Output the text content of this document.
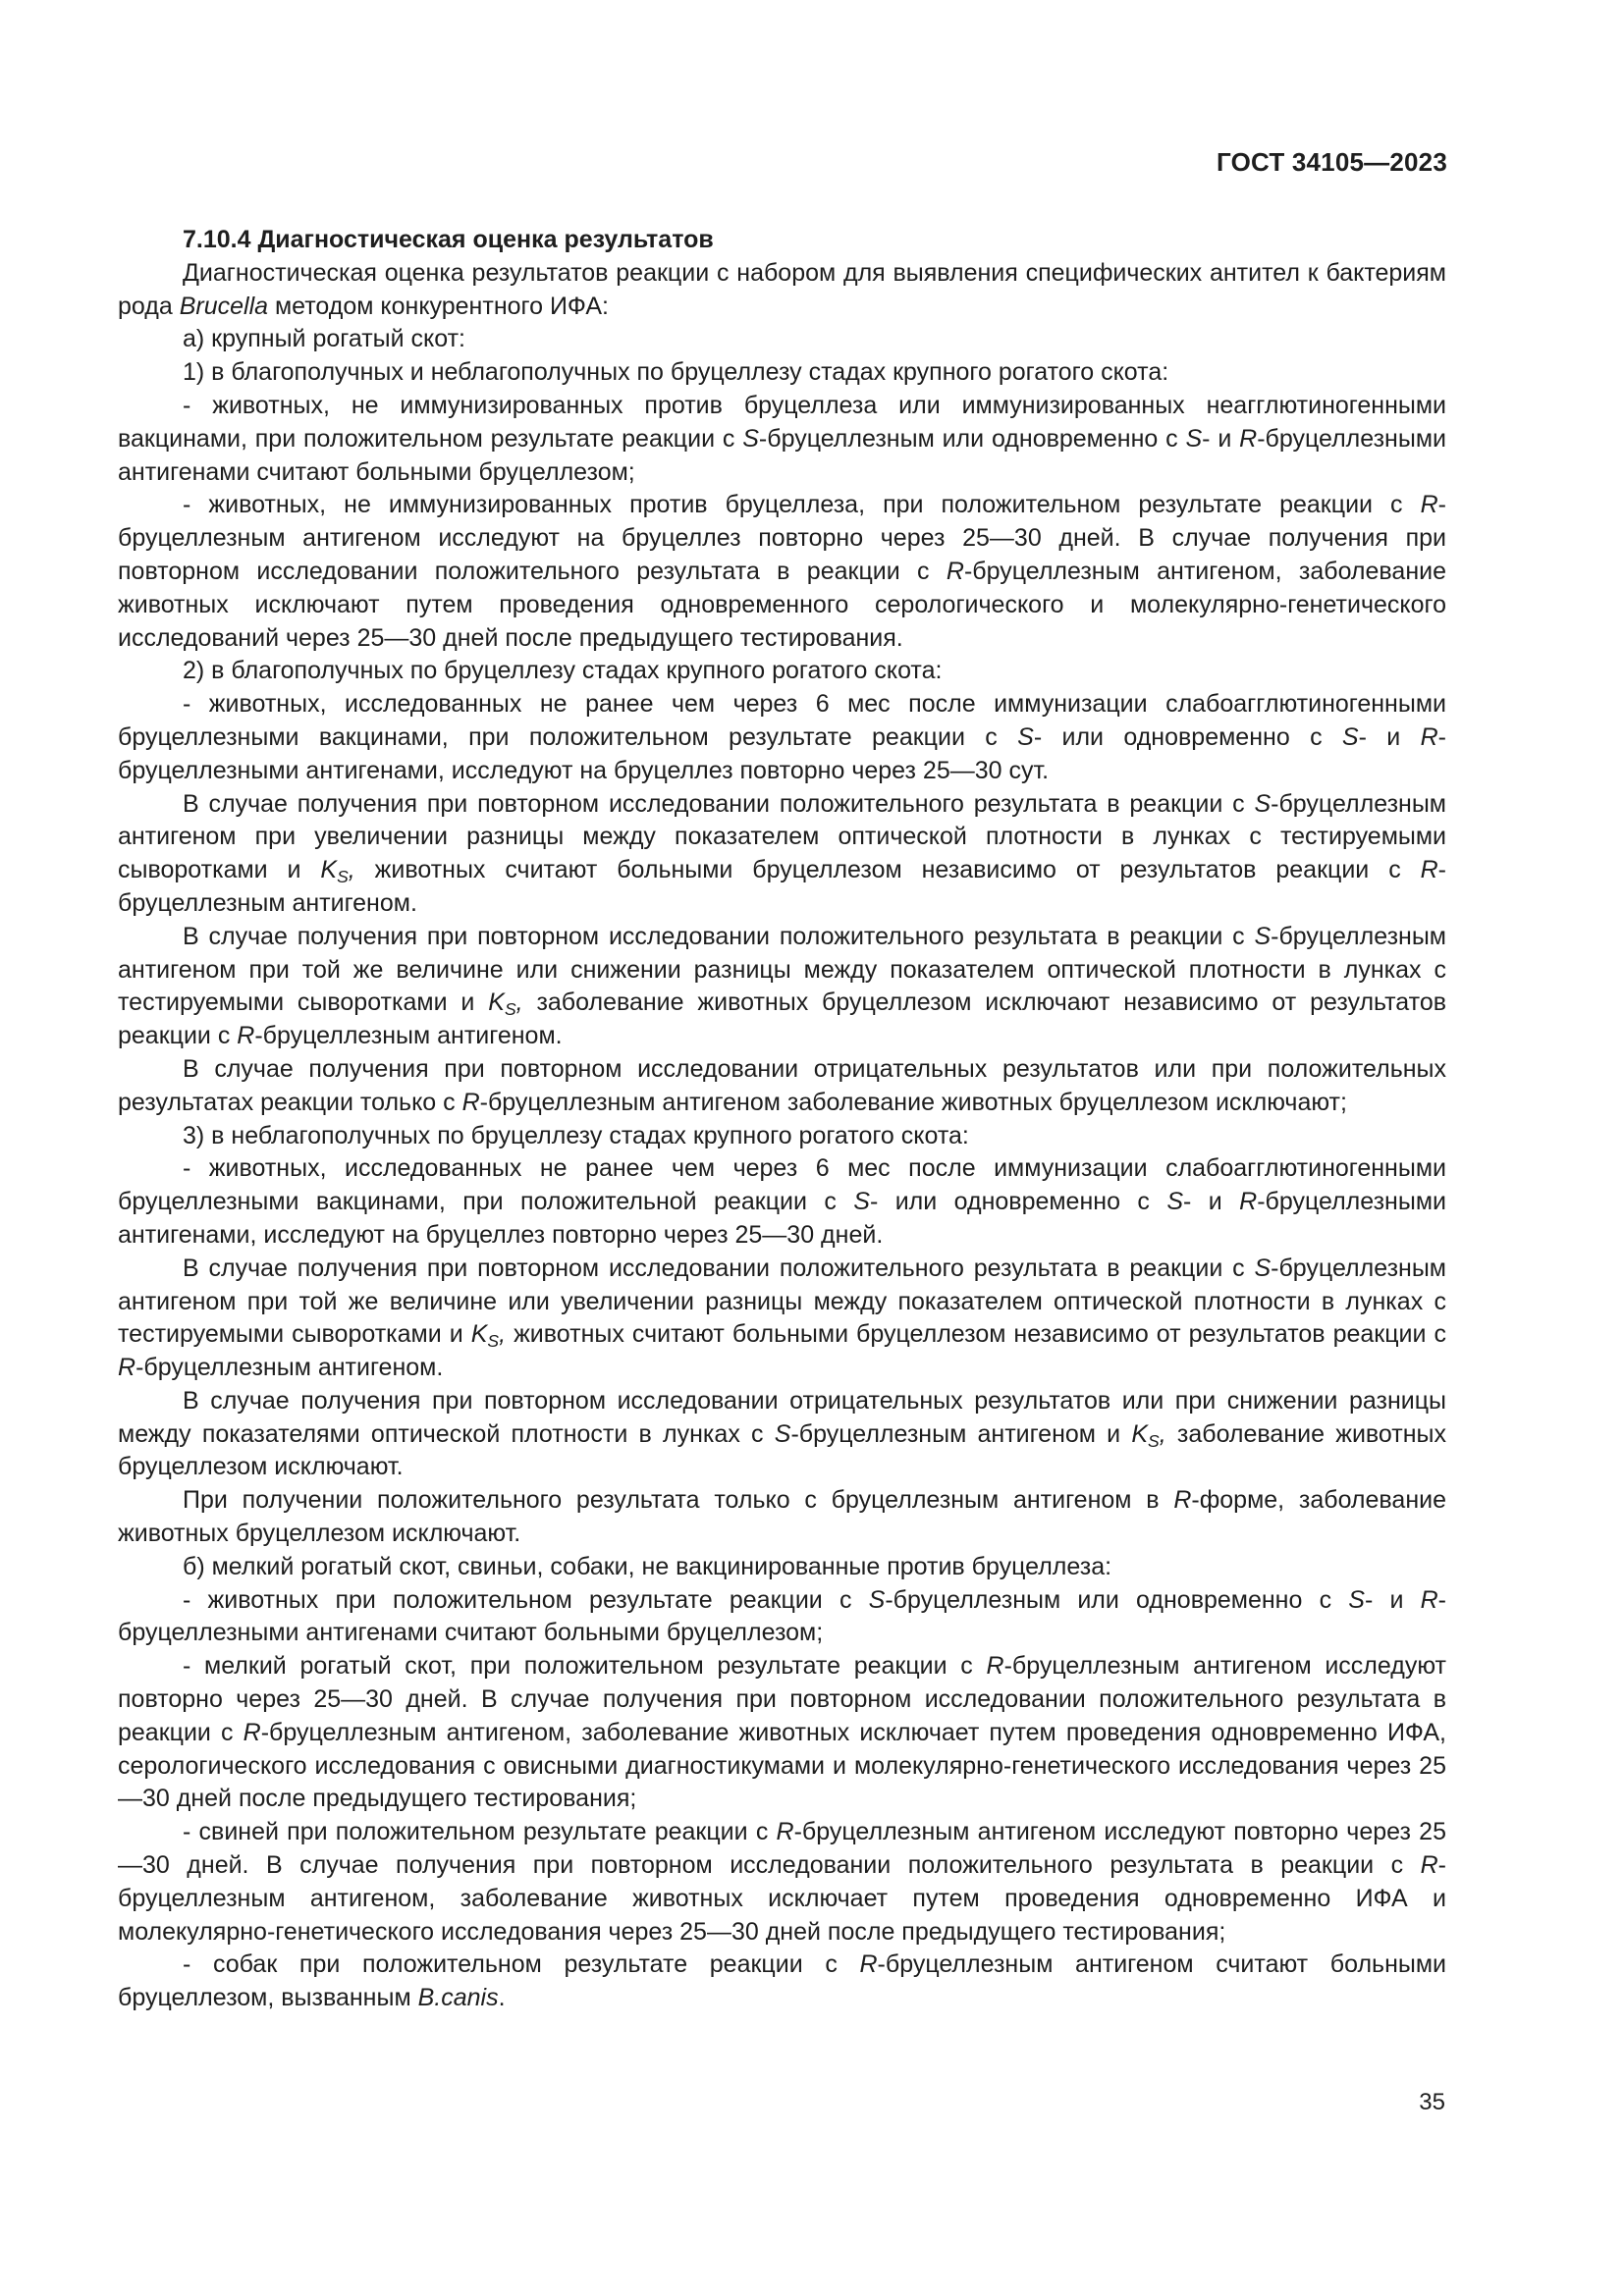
ГОСТ 34105—2023

7.10.4 Диагностическая оценка результатов

Диагностическая оценка результатов реакции с набором для выявления специфических антител к бактериям рода Brucella методом конкурентного ИФА:

а) крупный рогатый скот:

1) в благополучных и неблагополучных по бруцеллезу стадах крупного рогатого скота:

- животных, не иммунизированных против бруцеллеза или иммунизированных неагглютиногенными вакцинами, при положительном результате реакции с S-бруцеллезным или одновременно с S- и R-бруцеллезными антигенами считают больными бруцеллезом;

- животных, не иммунизированных против бруцеллеза, при положительном результате реакции с R-бруцеллезным антигеном исследуют на бруцеллез повторно через 25—30 дней. В случае получения при повторном исследовании положительного результата в реакции с R-бруцеллезным антигеном, заболевание животных исключают путем проведения одновременного серологического и молекулярно-генетического исследований через 25—30 дней после предыдущего тестирования.

2) в благополучных по бруцеллезу стадах крупного рогатого скота:

- животных, исследованных не ранее чем через 6 мес после иммунизации слабоагглютиногенными бруцеллезными вакцинами, при положительном результате реакции с S- или одновременно с S- и R-бруцеллезными антигенами, исследуют на бруцеллез повторно через 25—30 сут.

В случае получения при повторном исследовании положительного результата в реакции с S-бруцеллезным антигеном при увеличении разницы между показателем оптической плотности в лунках с тестируемыми сыворотками и $K_S$, животных считают больными бруцеллезом независимо от результатов реакции с R-бруцеллезным антигеном.

В случае получения при повторном исследовании положительного результата в реакции с S-бруцеллезным антигеном при той же величине или снижении разницы между показателем оптической плотности в лунках с тестируемыми сыворотками и $K_S$, заболевание животных бруцеллезом исключают независимо от результатов реакции с R-бруцеллезным антигеном.

В случае получения при повторном исследовании отрицательных результатов или при положительных результатах реакции только с R-бруцеллезным антигеном заболевание животных бруцеллезом исключают;

3) в неблагополучных по бруцеллезу стадах крупного рогатого скота:

- животных, исследованных не ранее чем через 6 мес после иммунизации слабоагглютиногенными бруцеллезными вакцинами, при положительной реакции с S- или одновременно с S- и R-бруцеллезными антигенами, исследуют на бруцеллез повторно через 25—30 дней.

В случае получения при повторном исследовании положительного результата в реакции с S-бруцеллезным антигеном при той же величине или увеличении разницы между показателем оптической плотности в лунках с тестируемыми сыворотками и $K_S$, животных считают больными бруцеллезом независимо от результатов реакции с R-бруцеллезным антигеном.

В случае получения при повторном исследовании отрицательных результатов или при снижении разницы между показателями оптической плотности в лунках с S-бруцеллезным антигеном и $K_S$, заболевание животных бруцеллезом исключают.

При получении положительного результата только с бруцеллезным антигеном в R-форме, заболевание животных бруцеллезом исключают.

б) мелкий рогатый скот, свиньи, собаки, не вакцинированные против бруцеллеза:

- животных при положительном результате реакции с S-бруцеллезным или одновременно с S- и R-бруцеллезными антигенами считают больными бруцеллезом;

- мелкий рогатый скот, при положительном результате реакции с R-бруцеллезным антигеном исследуют повторно через 25—30 дней. В случае получения при повторном исследовании положительного результата в реакции с R-бруцеллезным антигеном, заболевание животных исключает путем проведения одновременно ИФА, серологического исследования с овисными диагностикумами и молекулярно-генетического исследования через 25—30 дней после предыдущего тестирования;

- свиней при положительном результате реакции с R-бруцеллезным антигеном исследуют повторно через 25—30 дней. В случае получения при повторном исследовании положительного результата в реакции с R-бруцеллезным антигеном, заболевание животных исключает путем проведения одновременно ИФА и молекулярно-генетического исследования через 25—30 дней после предыдущего тестирования;

- собак при положительном результате реакции с R-бруцеллезным антигеном считают больными бруцеллезом, вызванным B.canis.

35
